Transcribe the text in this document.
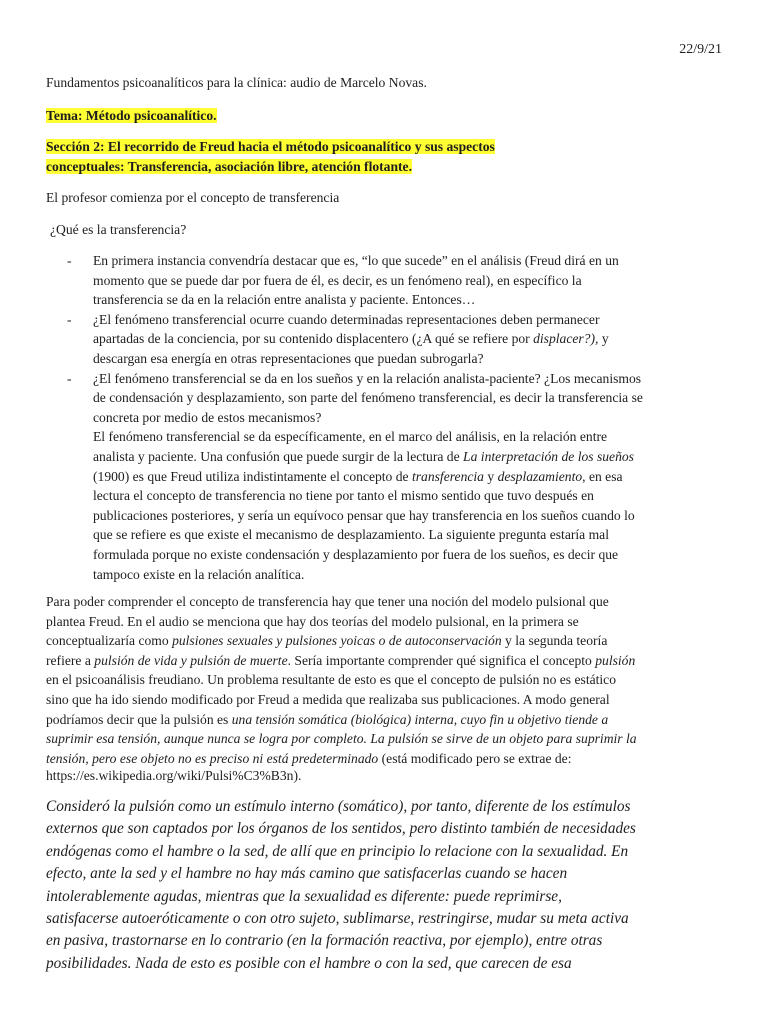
22/9/21
Fundamentos psicoanalíticos para la clínica: audio de Marcelo Novas.
Tema: Método psicoanalítico.
Sección 2: El recorrido de Freud hacia el método psicoanalítico y sus aspectos
conceptuales: Transferencia, asociación libre, atención flotante.
El profesor comienza por el concepto de transferencia
¿Qué es la transferencia?
- En primera instancia convendría destacar que es, “lo que sucede” en el análisis (Freud dirá en un
momento que se puede dar por fuera de él, es decir, es un fenómeno real), en específico la
transferencia se da en la relación entre analista y paciente. Entonces…
- ¿El fenómeno transferencial ocurre cuando determinadas representaciones deben permanecer
apartadas de la conciencia, por su contenido displacentero (¿A qué se refiere por displacer?), y
descargan esa energía en otras representaciones que puedan subrogarla?
- ¿El fenómeno transferencial se da en los sueños y en la relación analista-paciente? ¿Los mecanismos
de condensación y desplazamiento, son parte del fenómeno transferencial, es decir la transferencia se
concreta por medio de estos mecanismos?
El fenómeno transferencial se da específicamente, en el marco del análisis, en la relación entre
analista y paciente. Una confusión que puede surgir de la lectura de La interpretación de los sueños
(1900) es que Freud utiliza indistintamente el concepto de transferencia y desplazamiento, en esa
lectura el concepto de transferencia no tiene por tanto el mismo sentido que tuvo después en
publicaciones posteriores, y sería un equívoco pensar que hay transferencia en los sueños cuando lo
que se refiere es que existe el mecanismo de desplazamiento. La siguiente pregunta estaría mal
formulada porque no existe condensación y desplazamiento por fuera de los sueños, es decir que
tampoco existe en la relación analítica.
Para poder comprender el concepto de transferencia hay que tener una noción del modelo pulsional que
plantea Freud. En el audio se menciona que hay dos teorías del modelo pulsional, en la primera se
conceptualizaría como pulsiones sexuales y pulsiones yoicas o de autoconservación y la segunda teoría
refiere a pulsión de vida y pulsión de muerte. Sería importante comprender qué significa el concepto pulsión
en el psicoanálisis freudiano. Un problema resultante de esto es que el concepto de pulsión no es estático
sino que ha ido siendo modificado por Freud a medida que realizaba sus publicaciones. A modo general
podríamos decir que la pulsión es una tensión somática (biológica) interna, cuyo fin u objetivo tiende a
suprimir esa tensión, aunque nunca se logra por completo. La pulsión se sirve de un objeto para suprimir la
tensión, pero ese objeto no es preciso ni está predeterminado (está modificado pero se extrae de:
https://es.wikipedia.org/wiki/Pulsi%C3%B3n).

Consideró la pulsión como un estímulo interno (somático), por tanto, diferente de los estímulos

externos que son captados por los órganos de los sentidos, pero distinto también de necesidades

endógenas como el hambre o la sed, de allí que en principio lo relacione con la sexualidad. En

efecto, ante la sed y el hambre no hay más camino que satisfacerlas cuando se hacen

intolerablemente agudas, mientras que la sexualidad es diferente: puede reprimirse,

satisfacerse autoeróticamente o con otro sujeto, sublimarse, restringirse, mudar su meta activa

en pasiva, trastornarse en lo contrario (en la formación reactiva, por ejemplo), entre otras

posibilidades. Nada de esto es posible con el hambre o con la sed, que carecen de esa
